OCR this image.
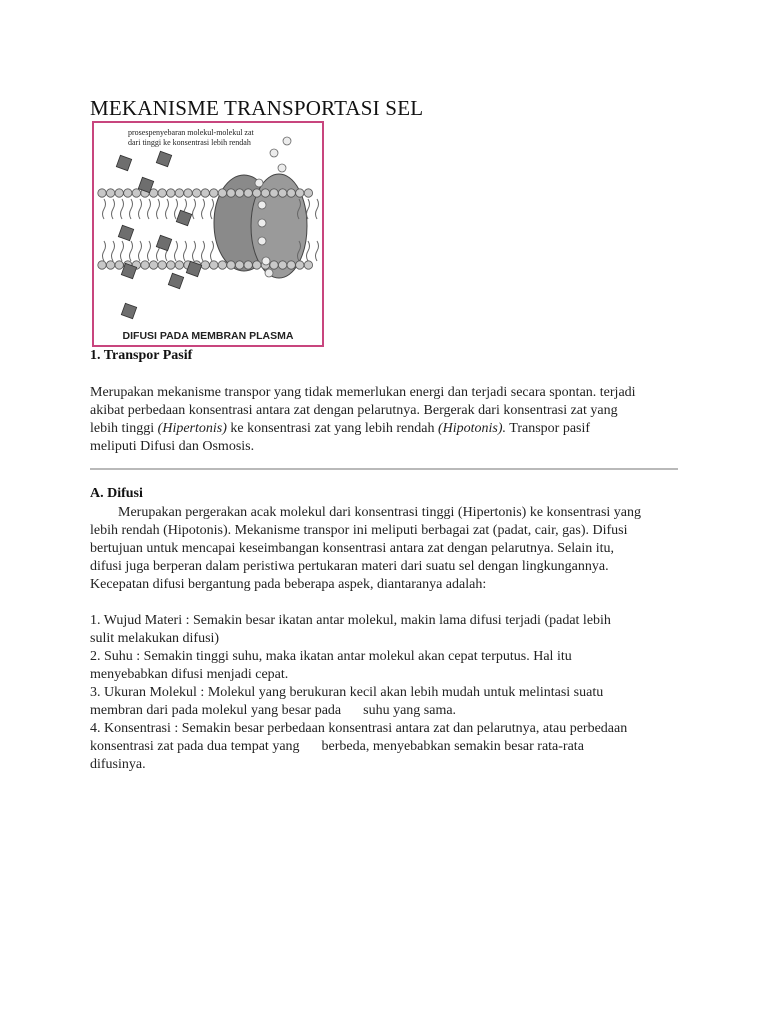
MEKANISME TRANSPORTASI SEL
prosespenyebaran molekul-molekul zat
dari tinggi ke konsentrasi lebih rendah
DIFUSI PADA MEMBRAN PLASMA
1. Transpor Pasif

Merupakan mekanisme transpor yang tidak memerlukan energi dan terjadi secara spontan. terjadi

akibat perbedaan konsentrasi antara zat dengan pelarutnya. Bergerak dari konsentrasi zat yang

lebih tinggi (Hipertonis) ke konsentrasi zat yang lebih rendah (Hipotonis). Transpor pasif

meliputi Difusi dan Osmosis.

A. Difusi

Merupakan pergerakan acak molekul dari konsentrasi tinggi (Hipertonis) ke konsentrasi yang

lebih rendah (Hipotonis). Mekanisme transpor ini meliputi berbagai zat (padat, cair, gas). Difusi

bertujuan untuk mencapai keseimbangan konsentrasi antara zat dengan pelarutnya. Selain itu,

difusi juga berperan dalam peristiwa pertukaran materi dari suatu sel dengan lingkungannya.

Kecepatan difusi bergantung pada beberapa aspek, diantaranya adalah:

1. Wujud Materi : Semakin besar ikatan antar molekul, makin lama difusi terjadi (padat lebih

sulit melakukan difusi)

2. Suhu : Semakin tinggi suhu, maka ikatan antar molekul akan cepat terputus. Hal itu

menyebabkan difusi menjadi cepat.

3. Ukuran Molekul : Molekul yang berukuran kecil akan lebih mudah untuk melintasi suatu

membran dari pada molekul yang besar pada suhu yang sama.

4. Konsentrasi : Semakin besar perbedaan konsentrasi antara zat dan pelarutnya, atau perbedaan

konsentrasi zat pada dua tempat yang berbeda, menyebabkan semakin besar rata-rata

difusinya.
